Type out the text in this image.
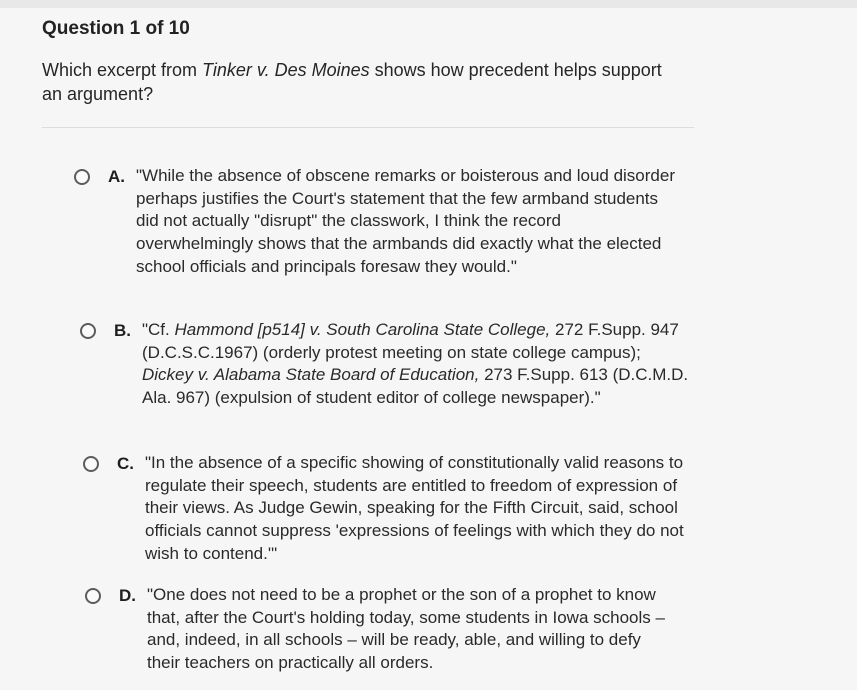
Question 1 of 10
Which excerpt from Tinker v. Des Moines shows how precedent helps support an argument?
A. "While the absence of obscene remarks or boisterous and loud disorder perhaps justifies the Court's statement that the few armband students did not actually "disrupt" the classwork, I think the record overwhelmingly shows that the armbands did exactly what the elected school officials and principals foresaw they would."
B. "Cf. Hammond [p514] v. South Carolina State College, 272 F.Supp. 947 (D.C.S.C.1967) (orderly protest meeting on state college campus); Dickey v. Alabama State Board of Education, 273 F.Supp. 613 (D.C.M.D. Ala. 967) (expulsion of student editor of college newspaper)."
C. "In the absence of a specific showing of constitutionally valid reasons to regulate their speech, students are entitled to freedom of expression of their views. As Judge Gewin, speaking for the Fifth Circuit, said, school officials cannot suppress 'expressions of feelings with which they do not wish to contend.'"
D. "One does not need to be a prophet or the son of a prophet to know that, after the Court's holding today, some students in Iowa schools – and, indeed, in all schools – will be ready, able, and willing to defy their teachers on practically all orders.
